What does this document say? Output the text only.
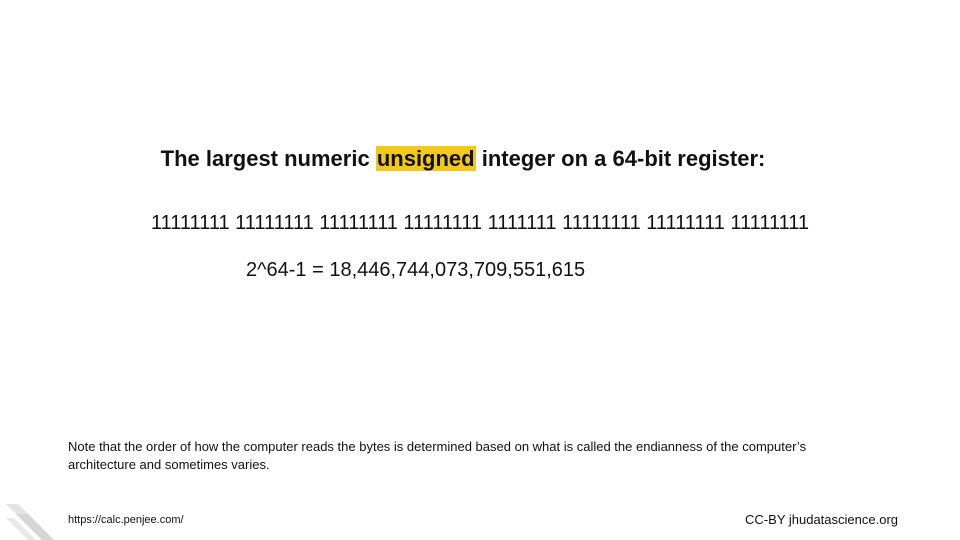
The largest numeric unsigned integer on a 64-bit register:
11111111 11111111 11111111 11111111 1111111 11111111 11111111 11111111
2^64-1 = 18,446,744,073,709,551,615
Note that the order of how the computer reads the bytes is determined based on what is called the endianness of the computer’s architecture and sometimes varies.
https://calc.penjee.com/	CC-BY jhudatascience.org
